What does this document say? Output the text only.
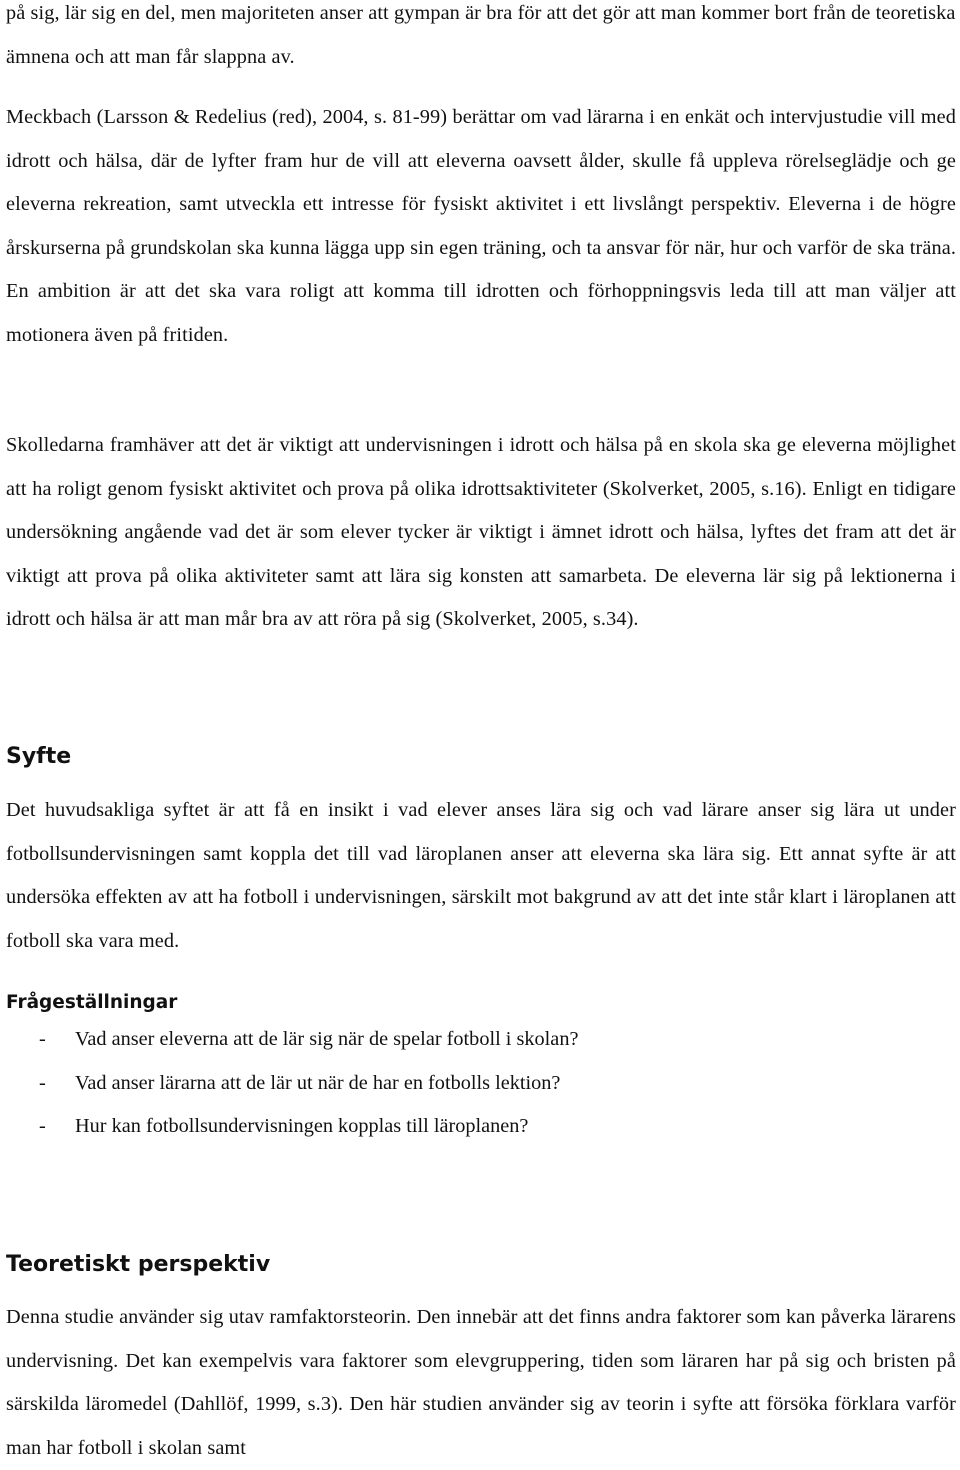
på sig, lär sig en del, men majoriteten anser att gympan är bra för att det gör att man kommer bort från de teoretiska ämnena och att man får slappna av.

Meckbach (Larsson & Redelius (red), 2004, s. 81-99) berättar om vad lärarna i en enkät och intervjustudie vill med idrott och hälsa, där de lyfter fram hur de vill att eleverna oavsett ålder, skulle få uppleva rörelseglädje och ge eleverna rekreation, samt utveckla ett intresse för fysiskt aktivitet i ett livslångt perspektiv. Eleverna i de högre årskurserna på grundskolan ska kunna lägga upp sin egen träning, och ta ansvar för när, hur och varför de ska träna.En ambition är att det ska vara roligt att komma till idrotten och förhoppningsvis leda till att man väljer att motionera även på fritiden.

Skolledarna framhäver att det är viktigt att undervisningen i idrott och hälsa på en skola ska ge eleverna möjlighet att ha roligt genom fysiskt aktivitet och prova på olika idrottsaktiviteter (Skolverket, 2005, s.16). Enligt en tidigare undersökning angående vad det är som elever tycker är viktigt i ämnet idrott och hälsa, lyftes det fram att det är viktigt att prova på olika aktiviteter samt att lära sig konsten att samarbeta. De eleverna lär sig på lektionerna i idrott och hälsa är att man mår bra av att röra på sig (Skolverket, 2005, s.34).

Syfte

Det huvudsakliga syftet är att få en insikt i vad elever anses lära sig och vad lärare anser sig lära ut under fotbollsundervisningen samt koppla det till vad läroplanen anser att eleverna ska lära sig. Ett annat syfte är att undersöka effekten av att ha fotboll i undervisningen, särskilt mot bakgrund av att det inte står klart i läroplanen att fotboll ska vara med.

Frågeställningar
-	Vad anser eleverna att de lär sig när de spelar fotboll i skolan?
-	Vad anser lärarna att de lär ut när de har en fotbolls lektion?
-	Hur kan fotbollsundervisningen kopplas till läroplanen?
Teoretiskt perspektiv

Denna studie använder sig utav ramfaktorsteorin. Den innebär att det finns andra faktorer som kan påverka lärarens undervisning. Det kan exempelvis vara faktorer som elevgruppering, tiden som läraren har på sig och bristen på särskilda läromedel (Dahllöf, 1999, s.3). Den här studien använder sig av teorin i syfte att försöka förklara varför man har fotboll i skolan samt
